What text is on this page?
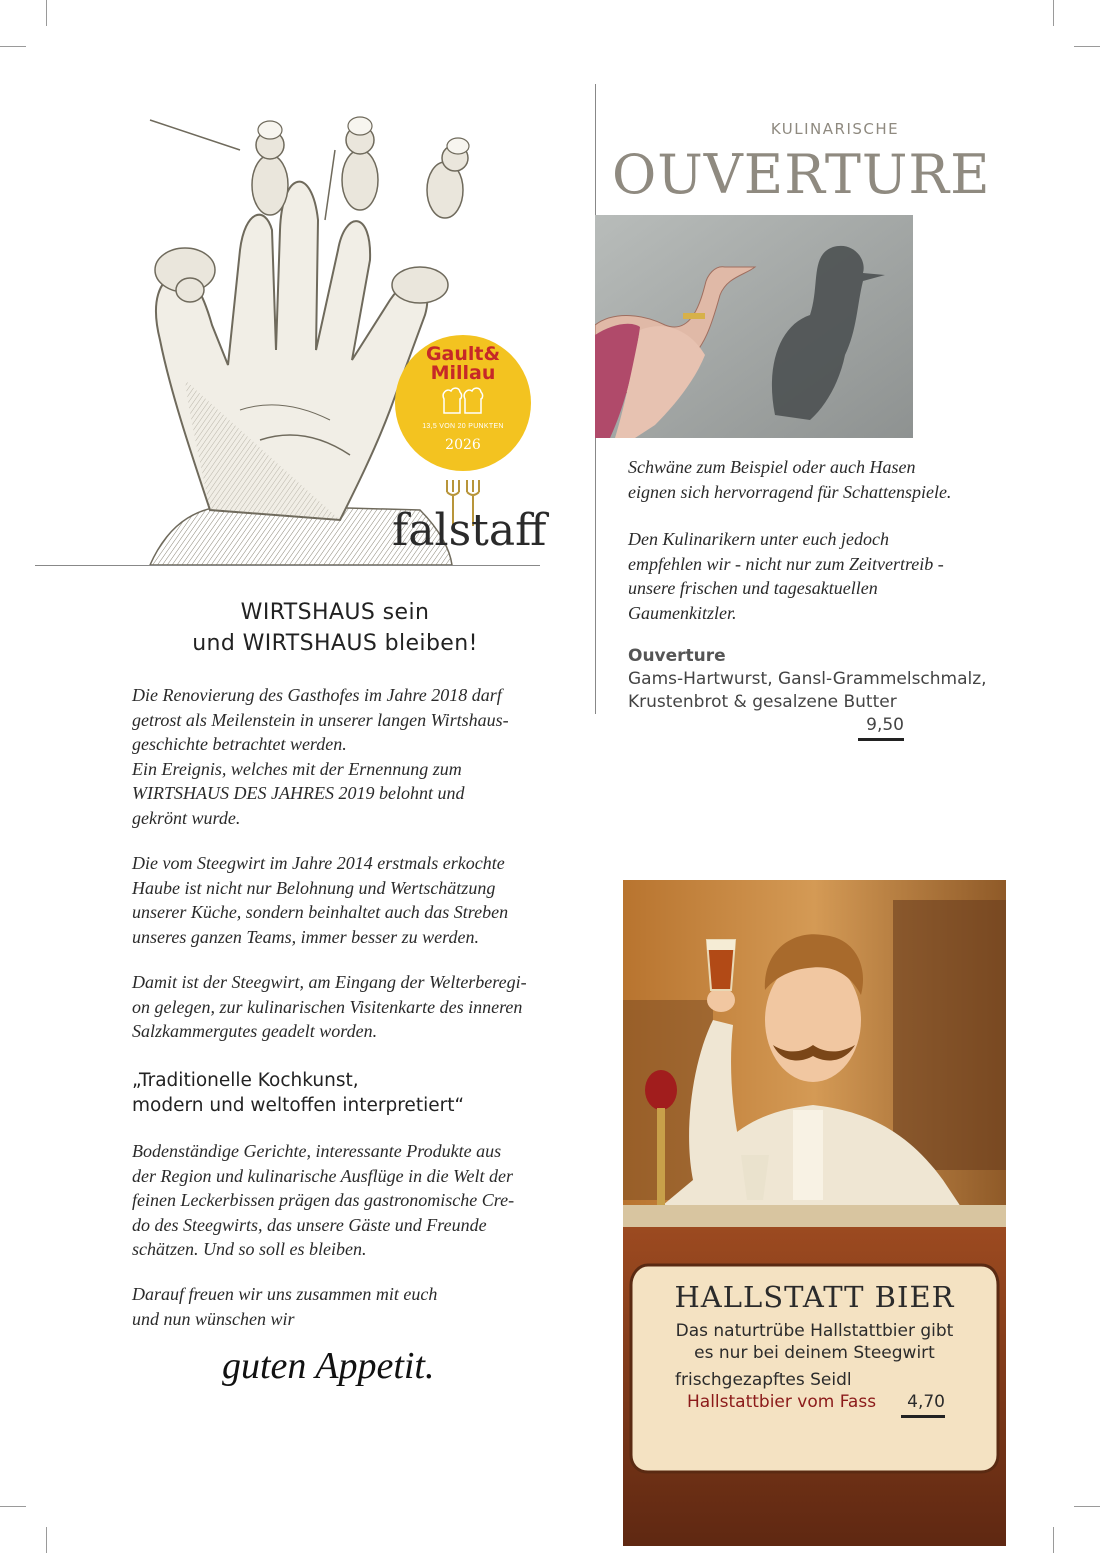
Gault&
Millau
13,5 VON 20 PUNKTEN
2026
falstaff
WIRTSHAUS sein
und WIRTSHAUS bleiben!

Die Renovierung des Gasthofes im Jahre 2018 darf

getrost als Meilenstein in unserer langen Wirtshaus-

geschichte betrachtet werden.

Ein Ereignis, welches mit der Ernennung zum

WIRTSHAUS DES JAHRES 2019 belohnt und

gekrönt wurde.

Die vom Steegwirt im Jahre 2014 erstmals erkochte

Haube ist nicht nur Belohnung und Wertschätzung

unserer Küche, sondern beinhaltet auch das Streben

unseres ganzen Teams, immer besser zu werden.

Damit ist der Steegwirt, am Eingang der Welterberegi-

on gelegen, zur kulinarischen Visitenkarte des inneren

Salzkammergutes geadelt worden.

„Traditionelle Kochkunst,
modern und weltoffen interpretiert“

Bodenständige Gerichte, interessante Produkte aus

der Region und kulinarische Ausflüge in die Welt der

feinen Leckerbissen prägen das gastronomische Cre-

do des Steegwirts, das unsere Gäste und Freunde

schätzen. Und so soll es bleiben.

Darauf freuen wir uns zusammen mit euch

und nun wünschen wir

guten Appetit.
KULINARISCHE
OUVERTURE

Schwäne zum Beispiel oder auch Hasen

eignen sich hervorragend für Schattenspiele.

Den Kulinarikern unter euch jedoch

empfehlen wir - nicht nur zum Zeitvertreib -

unsere frischen und tagesaktuellen

Gaumenkitzler.

Ouverture
Gams-Hartwurst, Gansl-Grammelschmalz,
Krustenbrot & gesalzene Butter
9,50
HALLSTATT BIER
Das naturtrübe Hallstattbier gibt
es nur bei deinem Steegwirt
frischgezapftes Seidl
Hallstattbier vom Fass	4,70
